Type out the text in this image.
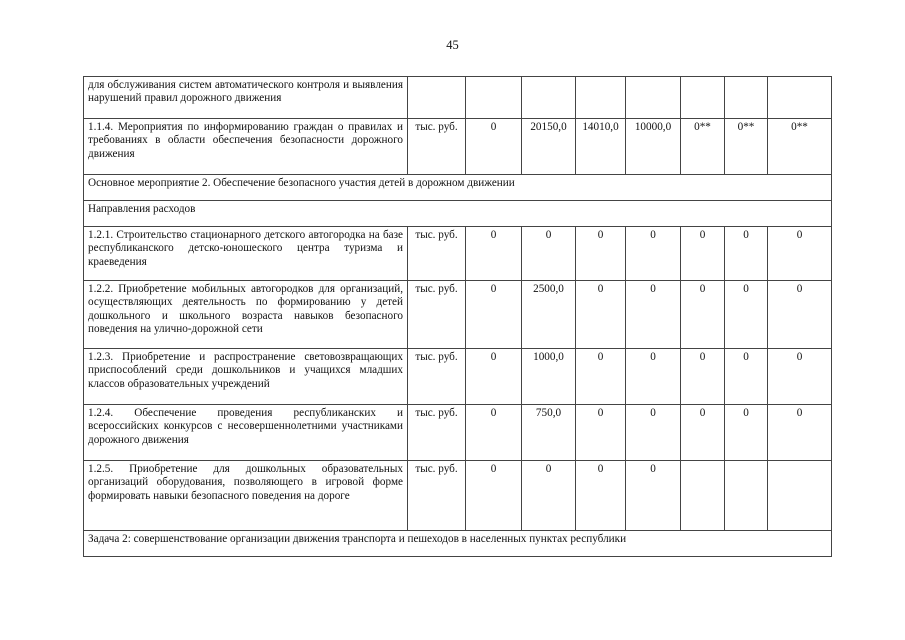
45
для обслуживания систем автоматического контроля и выявления нарушений правил дорожного движения								
1.1.4. Мероприятия по информированию граждан о правилах и требованиях в области обеспечения безопасности дорожного движения	тыс. руб.	0	20150,0	14010,0	10000,0	0**	0**	0**
Основное мероприятие 2. Обеспечение безопасного участия детей в дорожном движении								
Направления расходов								
1.2.1. Строительство стационарного детского автогородка на базе республиканского детско-юношеского центра туризма и краеведения	тыс. руб.	0	0	0	0	0	0	0
1.2.2. Приобретение мобильных автогородков для организаций, осуществляющих деятельность по формированию у детей дошкольного и школьного возраста навыков безопасного поведения на улично-дорожной сети	тыс. руб.	0	2500,0	0	0	0	0	0
1.2.3. Приобретение и распространение световозвращающих приспособлений среди дошкольников и учащихся младших классов образовательных учреждений	тыс. руб.	0	1000,0	0	0	0	0	0
1.2.4. Обеспечение проведения республиканских и всероссийских конкурсов с несовершеннолетними участниками дорожного движения	тыс. руб.	0	750,0	0	0	0	0	0
1.2.5. Приобретение для дошкольных образовательных организаций оборудования, позволяющего в игровой форме формировать навыки безопасного поведения на дороге	тыс. руб.	0	0	0	0			
Задача 2: совершенствование организации движения транспорта и пешеходов в населенных пунктах республики								
